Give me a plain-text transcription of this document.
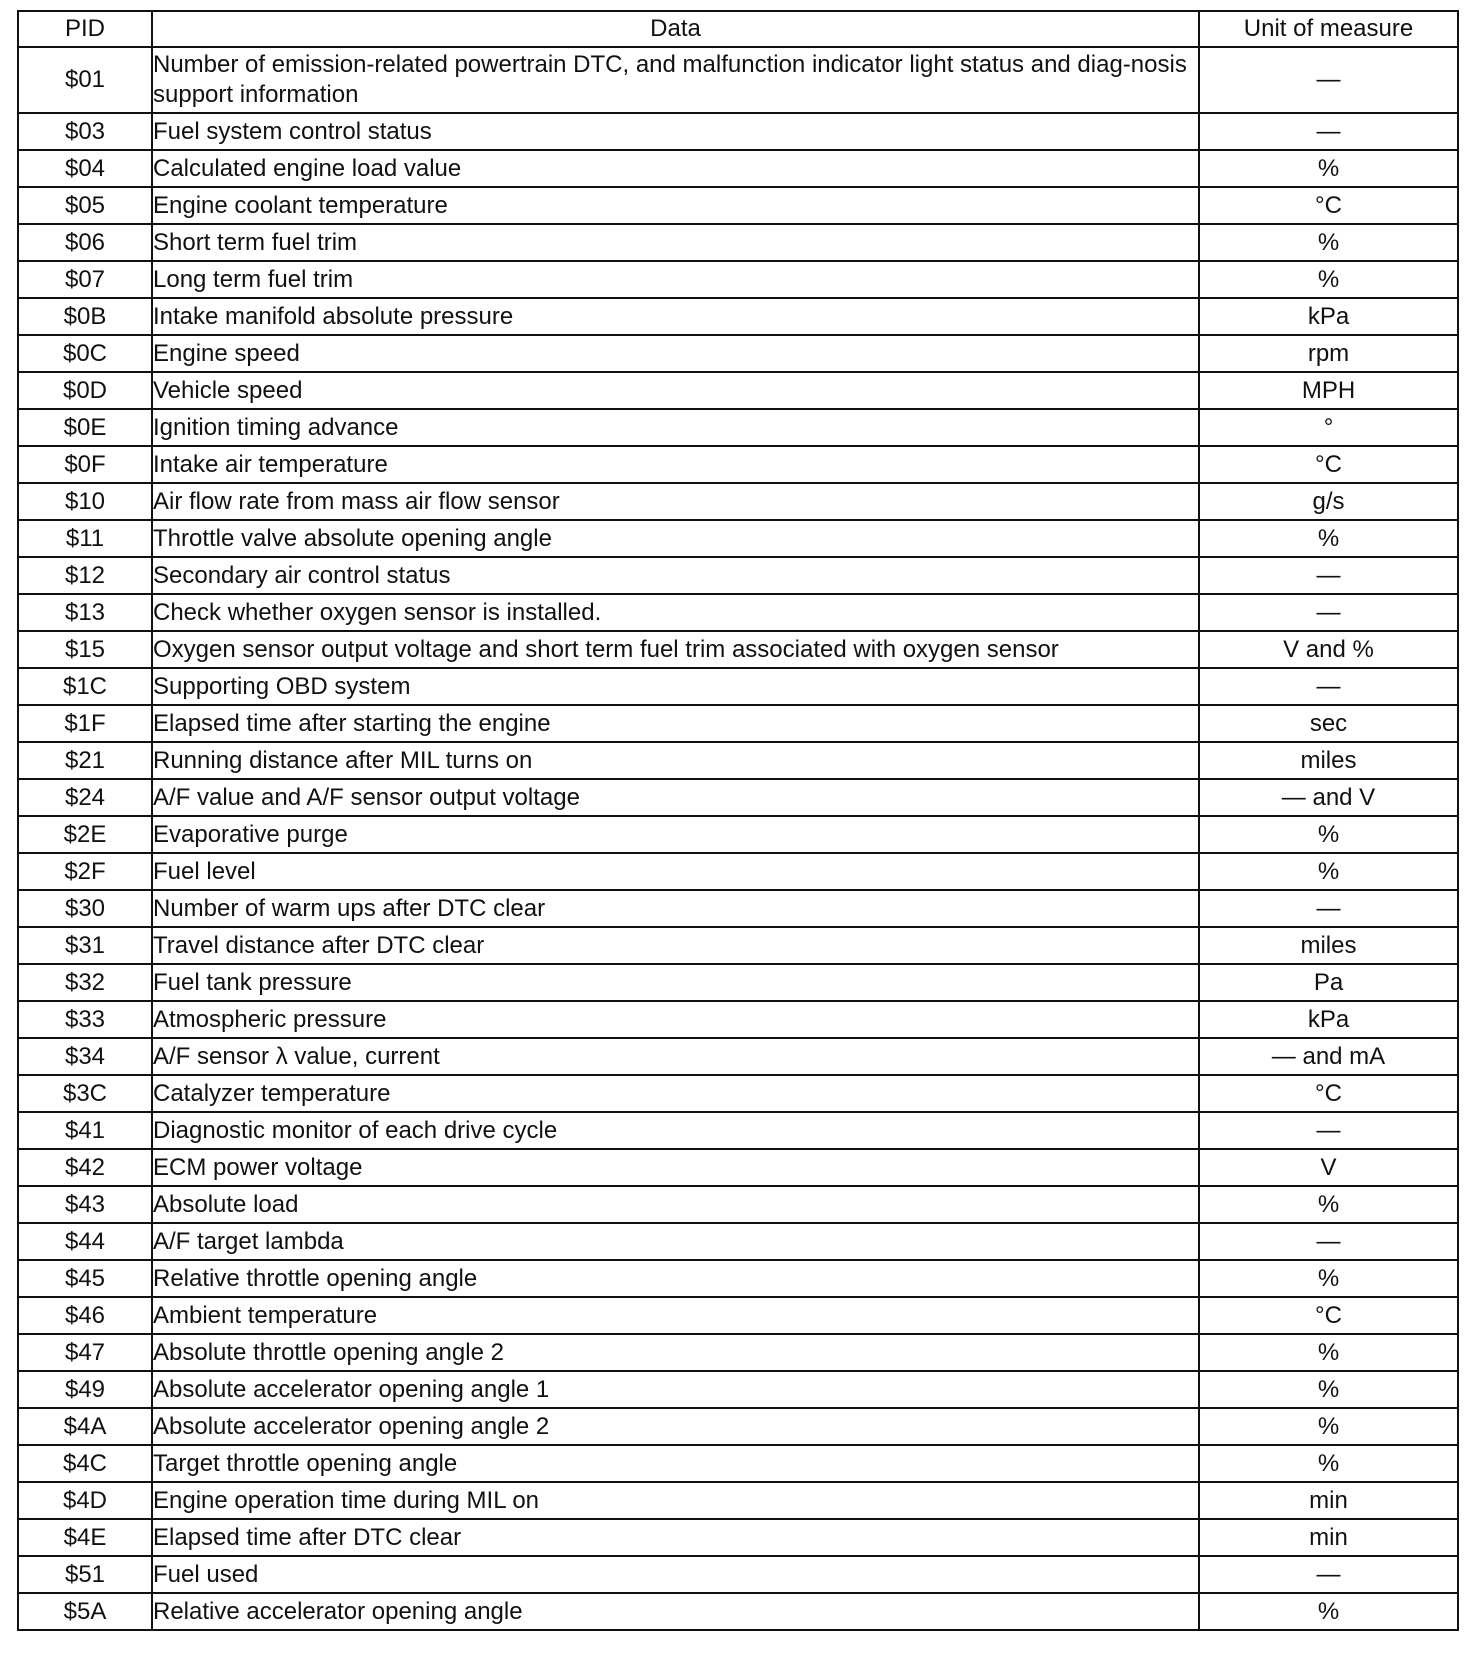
PID	Data	Unit of measure
$01	Number of emission-related powertrain DTC, and malfunction indicator light status and diag-nosis support information	—
$03	Fuel system control status	—
$04	Calculated engine load value	%
$05	Engine coolant temperature	°C
$06	Short term fuel trim	%
$07	Long term fuel trim	%
$0B	Intake manifold absolute pressure	kPa
$0C	Engine speed	rpm
$0D	Vehicle speed	MPH
$0E	Ignition timing advance	°
$0F	Intake air temperature	°C
$10	Air flow rate from mass air flow sensor	g/s
$11	Throttle valve absolute opening angle	%
$12	Secondary air control status	—
$13	Check whether oxygen sensor is installed.	—
$15	Oxygen sensor output voltage and short term fuel trim associated with oxygen sensor	V and %
$1C	Supporting OBD system	—
$1F	Elapsed time after starting the engine	sec
$21	Running distance after MIL turns on	miles
$24	A/F value and A/F sensor output voltage	— and V
$2E	Evaporative purge	%
$2F	Fuel level	%
$30	Number of warm ups after DTC clear	—
$31	Travel distance after DTC clear	miles
$32	Fuel tank pressure	Pa
$33	Atmospheric pressure	kPa
$34	A/F sensor λ value, current	— and mA
$3C	Catalyzer temperature	°C
$41	Diagnostic monitor of each drive cycle	—
$42	ECM power voltage	V
$43	Absolute load	%
$44	A/F target lambda	—
$45	Relative throttle opening angle	%
$46	Ambient temperature	°C
$47	Absolute throttle opening angle 2	%
$49	Absolute accelerator opening angle 1	%
$4A	Absolute accelerator opening angle 2	%
$4C	Target throttle opening angle	%
$4D	Engine operation time during MIL on	min
$4E	Elapsed time after DTC clear	min
$51	Fuel used	—
$5A	Relative accelerator opening angle	%
